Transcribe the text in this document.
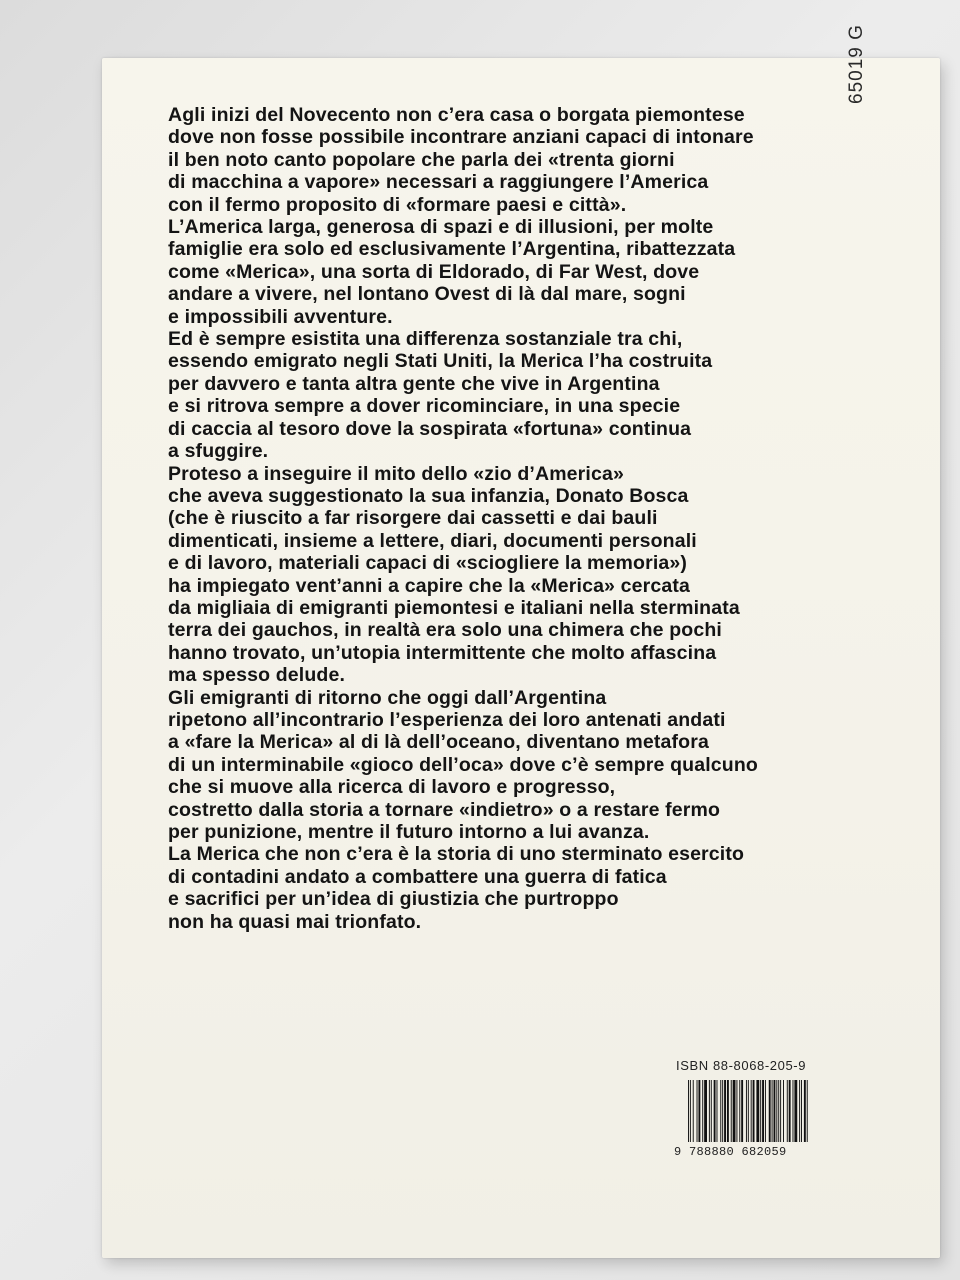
65019 G

Agli inizi del Novecento non c’era casa o borgata piemontese
dove non fosse possibile incontrare anziani capaci di intonare
il ben noto canto popolare che parla dei «trenta giorni
di macchina a vapore» necessari a raggiungere l’America
con il fermo proposito di «formare paesi e città».

L’America larga, generosa di spazi e di illusioni, per molte
famiglie era solo ed esclusivamente l’Argentina, ribattezzata
come «Merica», una sorta di Eldorado, di Far West, dove
andare a vivere, nel lontano Ovest di là dal mare, sogni
e impossibili avventure.

Ed è sempre esistita una differenza sostanziale tra chi,
essendo emigrato negli Stati Uniti, la Merica l’ha costruita
per davvero e tanta altra gente che vive in Argentina
e si ritrova sempre a dover ricominciare, in una specie
di caccia al tesoro dove la sospirata «fortuna» continua
a sfuggire.

Proteso a inseguire il mito dello «zio d’America»
che aveva suggestionato la sua infanzia, Donato Bosca
(che è riuscito a far risorgere dai cassetti e dai bauli
dimenticati, insieme a lettere, diari, documenti personali
e di lavoro, materiali capaci di «sciogliere la memoria»)
ha impiegato vent’anni a capire che la «Merica» cercata
da migliaia di emigranti piemontesi e italiani nella sterminata
terra dei gauchos, in realtà era solo una chimera che pochi
hanno trovato, un’utopia intermittente che molto affascina
ma spesso delude.

Gli emigranti di ritorno che oggi dall’Argentina
ripetono all’incontrario l’esperienza dei loro antenati andati
a «fare la Merica» al di là dell’oceano, diventano metafora
di un interminabile «gioco dell’oca» dove c’è sempre qualcuno
che si muove alla ricerca di lavoro e progresso,
costretto dalla storia a tornare «indietro» o a restare fermo
per punizione, mentre il futuro intorno a lui avanza.

La Merica che non c’era è la storia di uno sterminato esercito
di contadini andato a combattere una guerra di fatica
e sacrifici per un’idea di giustizia che purtroppo
non ha quasi mai trionfato.

ISBN 88-8068-205-9
9 788880 682059
